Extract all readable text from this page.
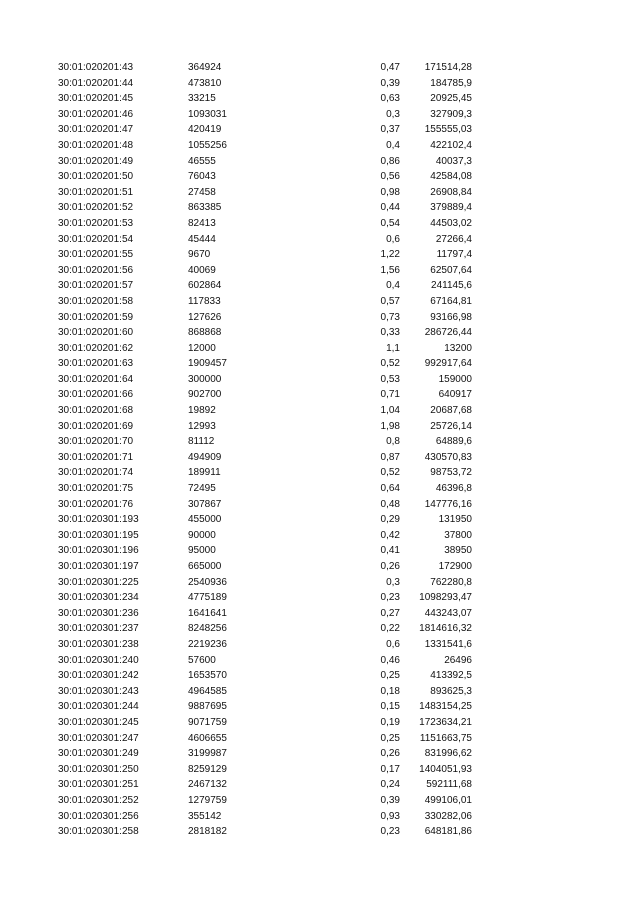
30:01:020201:43	364924	0,47 171514,28
30:01:020201:44	473810	0,39	184785,9
30:01:020201:45	33215	0,63	20925,45
30:01:020201:46	1093031	0,3	327909,3
30:01:020201:47	420419	0,37 155555,03
30:01:020201:48	1055256	0,4	422102,4
30:01:020201:49	46555	0,86	40037,3
30:01:020201:50	76043	0,56	42584,08
30:01:020201:51	27458	0,98	26908,84
30:01:020201:52	863385	0,44	379889,4
30:01:020201:53	82413	0,54	44503,02
30:01:020201:54	45444	0,6	27266,4
30:01:020201:55	9670	1,22	11797,4
30:01:020201:56	40069	1,56	62507,64
30:01:020201:57	602864	0,4	241145,6
30:01:020201:58	117833	0,57	67164,81
30:01:020201:59	127626	0,73	93166,98
30:01:020201:60	868868	0,33 286726,44
30:01:020201:62	12000	1,1	13200
30:01:020201:63	1909457	0,52 992917,64
30:01:020201:64	300000	0,53	159000
30:01:020201:66	902700	0,71	640917
30:01:020201:68	19892	1,04	20687,68
30:01:020201:69	12993	1,98	25726,14
30:01:020201:70	81112	0,8	64889,6
30:01:020201:71	494909	0,87 430570,83
30:01:020201:74	189911	0,52	98753,72
30:01:020201:75	72495	0,64	46396,8
30:01:020201:76	307867	0,48 147776,16
30:01:020301:193	455000	0,29	131950
30:01:020301:195	90000	0,42	37800
30:01:020301:196	95000	0,41	38950
30:01:020301:197	665000	0,26	172900
30:01:020301:225	2540936	0,3	762280,8
30:01:020301:234	4775189	0,23 1098293,47
30:01:020301:236	1641641	0,27 443243,07
30:01:020301:237	8248256	0,22 1814616,32
30:01:020301:238	2219236	0,6 1331541,6
30:01:020301:240	57600	0,46	26496
30:01:020301:242	1653570	0,25	413392,5
30:01:020301:243	4964585	0,18	893625,3
30:01:020301:244	9887695	0,15 1483154,25
30:01:020301:245	9071759	0,19 1723634,21
30:01:020301:247	4606655	0,25 1151663,75
30:01:020301:249	3199987	0,26 831996,62
30:01:020301:250	8259129	0,17 1404051,93
30:01:020301:251	2467132	0,24	592111,68
30:01:020301:252	1279759	0,39 499106,01
30:01:020301:256	355142	0,93 330282,06
30:01:020301:258	2818182	0,23 648181,86
